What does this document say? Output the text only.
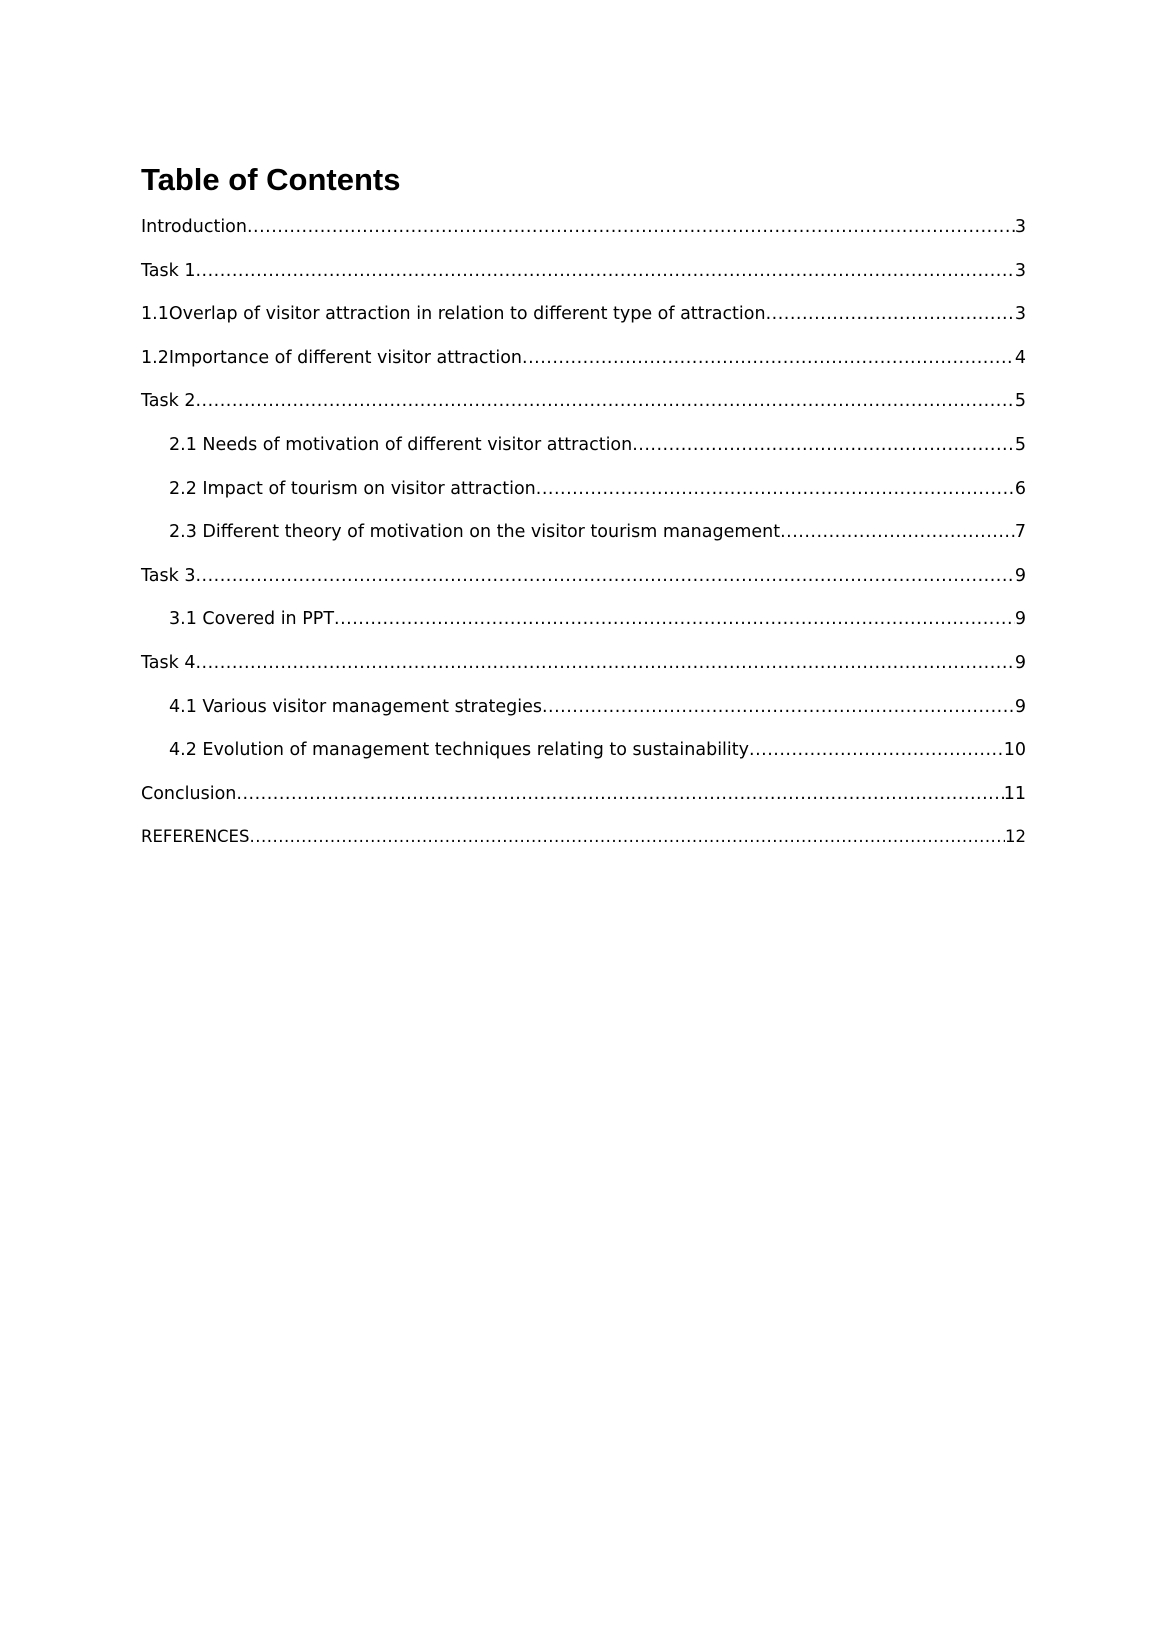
Table of Contents
Introduction .....	3
Task 1 .....	3
1.1Overlap of visitor attraction in relation to different type of attraction .....	3
1.2Importance of different visitor attraction .....	4
Task 2 .....	5
2.1 Needs of motivation of different visitor attraction .....	5
2.2 Impact of tourism on visitor attraction .....	6
2.3 Different theory of motivation on the visitor tourism management .....	7
Task 3 .....	9
3.1 Covered in PPT .....	9
Task 4 .....	9
4.1 Various visitor management strategies .....	9
4.2 Evolution of management techniques relating to sustainability .....	10
Conclusion .....	11
REFERENCES .....	12
